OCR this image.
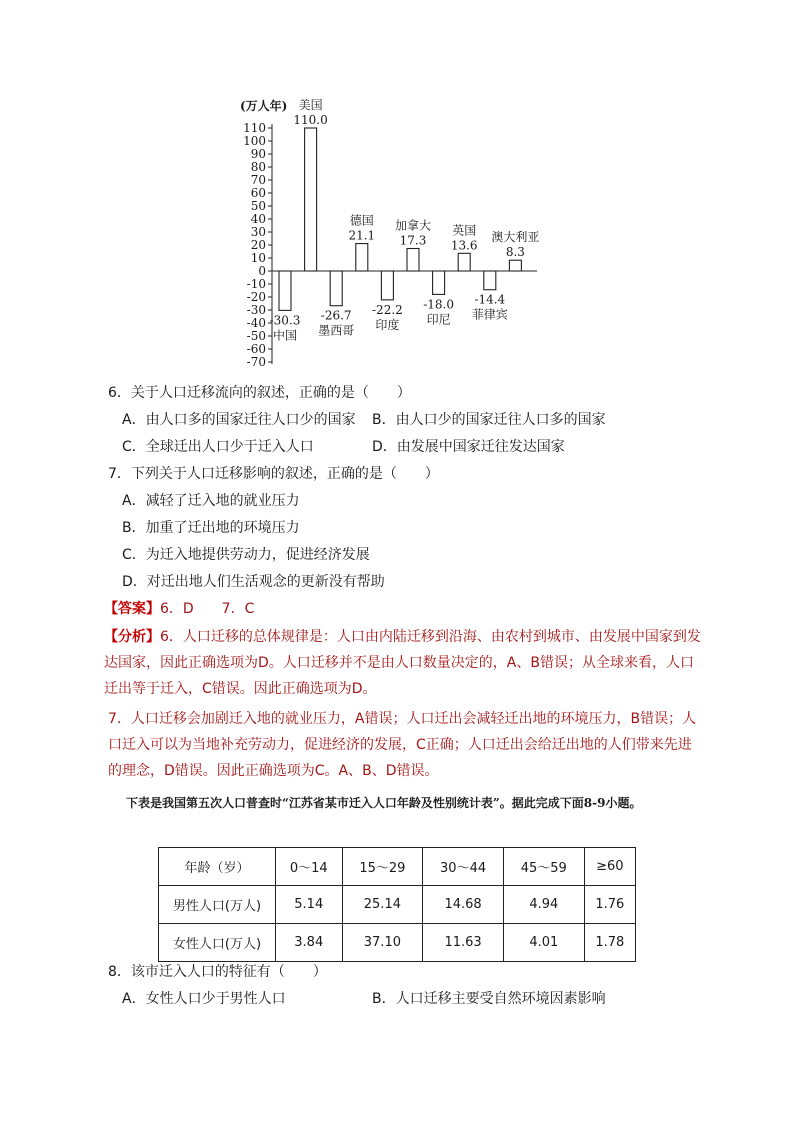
(万人年)
110
100
90
80
70
60
50
40
30
20
10
0
-10
-20
-30
-40
-50
-60
-70
-30.3
中国
110.0
美国
-26.7
墨西哥
21.1
德国
-22.2
印度
17.3
加拿大
-18.0
印尼
13.6
英国
-14.4
菲律宾
8.3
澳大利亚
6．关于人口迁移流向的叙述，正确的是（　　）
A．由人口多的国家迁往人口少的国家 B．由人口少的国家迁往人口多的国家
C．全球迁出人口少于迁入人口	D．由发展中国家迁往发达国家
7．下列关于人口迁移影响的叙述，正确的是（　　）
A．减轻了迁入地的就业压力
B．加重了迁出地的环境压力
C．为迁入地提供劳动力，促进经济发展
D．对迁出地人们生活观念的更新没有帮助
【答案】6．D　　7．C
【分析】6．人口迁移的总体规律是：人口由内陆迁移到沿海、由农村到城市、由发展中国家到发达国家，因此正确选项为D。人口迁移并不是由人口数量决定的，A、B错误；从全球来看，人口迁出等于迁入，C错误。因此正确选项为D。
7．人口迁移会加剧迁入地的就业压力，A错误；人口迁出会减轻迁出地的环境压力，B错误；人口迁入可以为当地补充劳动力，促进经济的发展，C正确；人口迁出会给迁出地的人们带来先进的理念，D错误。因此正确选项为C。A、B、D错误。
下表是我国第五次人口普查时“江苏省某市迁入人口年龄及性别统计表”。据此完成下面8-9小题。
年龄（岁）	0～14	15～29	30～44	45～59	≥60
男性人口(万人)	5.14	25.14	14.68	4.94	1.76
女性人口(万人)	3.84	37.10	11.63	4.01	1.78
8．该市迁入人口的特征有（　　）
A．女性人口少于男性人口	B．人口迁移主要受自然环境因素影响
